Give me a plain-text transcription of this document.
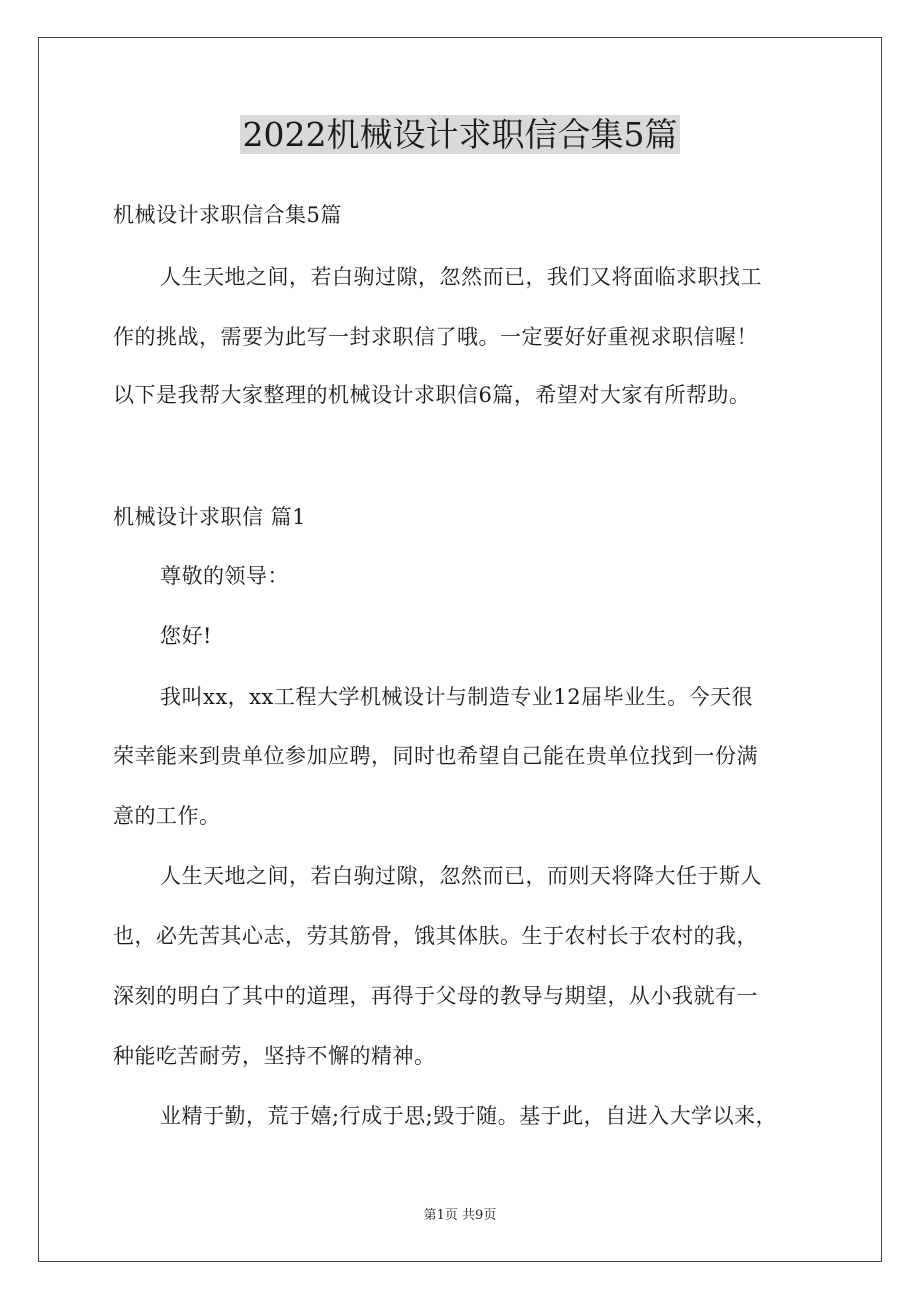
2022机械设计求职信合集5篇

机械设计求职信合集5篇

人生天地之间，若白驹过隙，忽然而已，我们又将面临求职找工

作的挑战，需要为此写一封求职信了哦。一定要好好重视求职信喔！

以下是我帮大家整理的机械设计求职信6篇，希望对大家有所帮助。

机械设计求职信 篇1

尊敬的领导：

您好!

我叫xx，xx工程大学机械设计与制造专业12届毕业生。今天很

荣幸能来到贵单位参加应聘，同时也希望自己能在贵单位找到一份满

意的工作。

人生天地之间，若白驹过隙，忽然而已，而则天将降大任于斯人

也，必先苦其心志，劳其筋骨，饿其体肤。生于农村长于农村的我，

深刻的明白了其中的道理，再得于父母的教导与期望，从小我就有一

种能吃苦耐劳，坚持不懈的精神。

业精于勤，荒于嬉;行成于思;毁于随。基于此，自进入大学以来，

第1页 共9页
